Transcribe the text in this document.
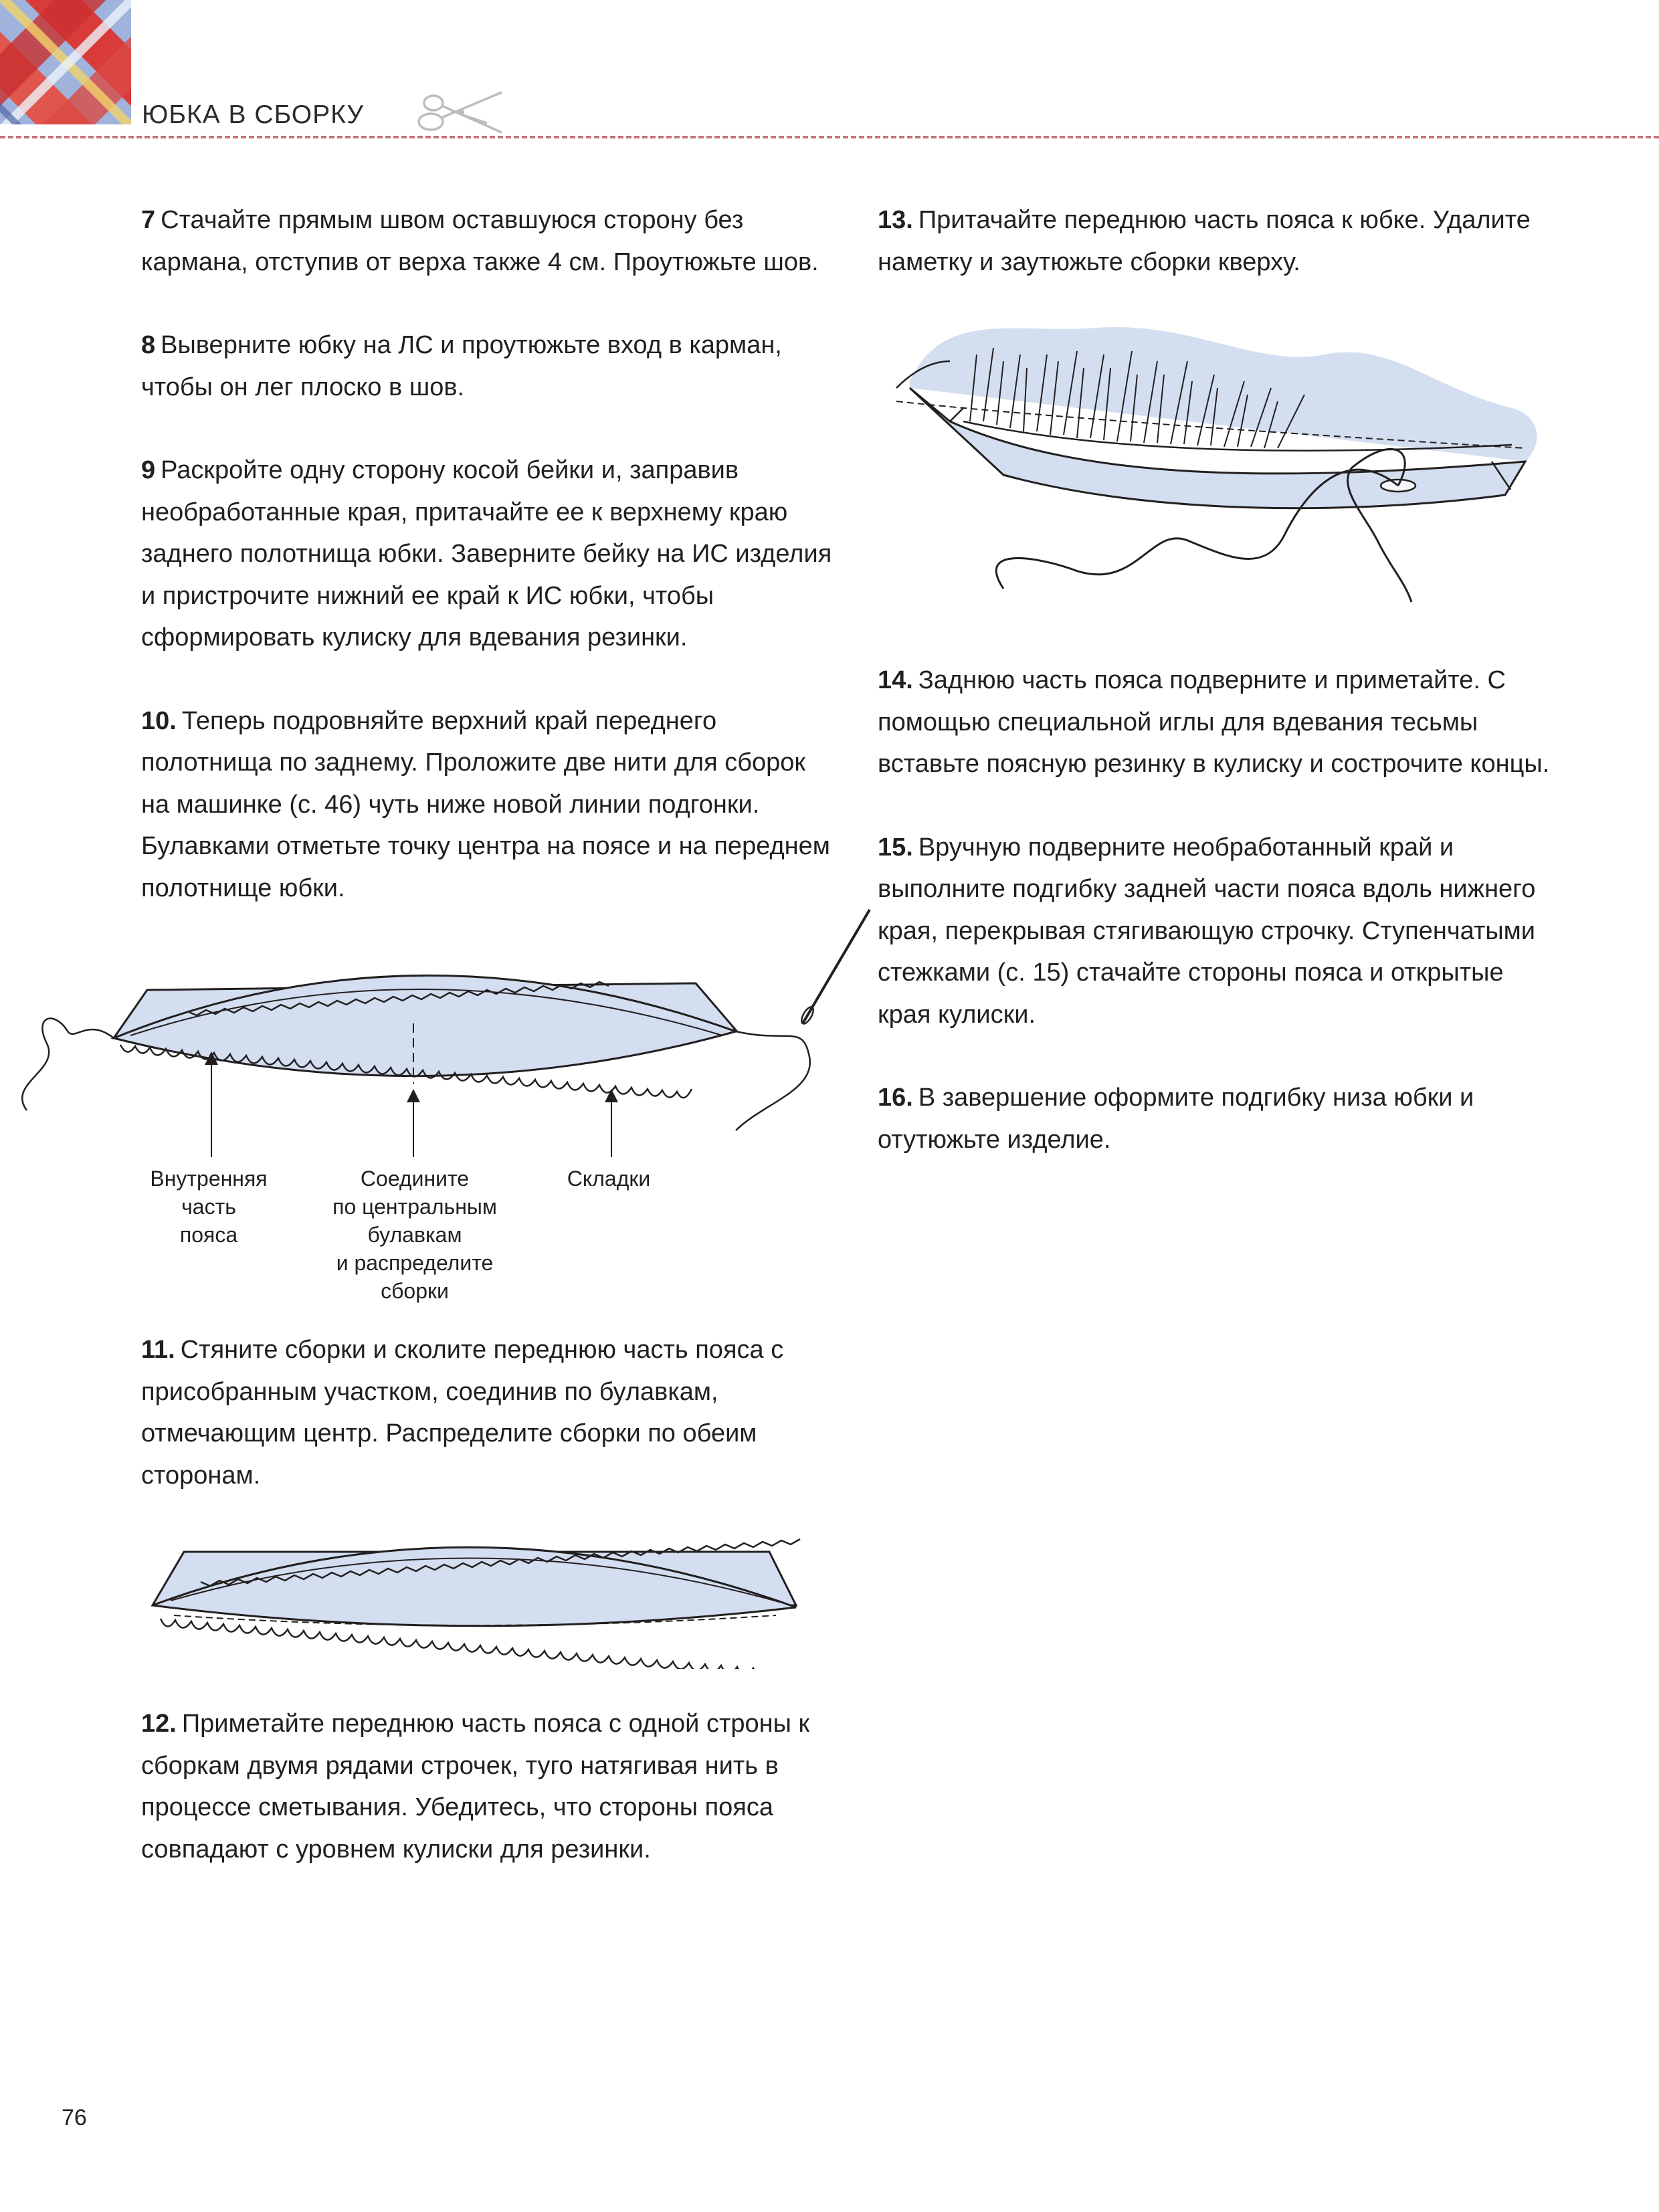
ЮБКА В СБОРКУ

7 Стачайте прямым швом оставшуюся сторону без кармана, отступив от верха также 4 см. Проутюжьте шов.

8 Выверните юбку на ЛС и проутюжьте вход в карман, чтобы он лег плоско в шов.

9 Раскройте одну сторону косой бейки и, заправив необработанные края, притачайте ее к верхнему краю заднего полотнища юбки. Заверните бейку на ИС изделия и пристрочите нижний ее край к ИС юбки, чтобы сформировать кулиску для вдевания резинки.

10. Теперь подровняйте верхний край переднего полотнища по заднему. Проложите две нити для сборок на машинке (с. 46) чуть ниже новой линии подгонки. Булавками отметьте точку центра на поясе и на переднем полотнище юбки.

Внутренняя
часть
пояса
Соедините
по центральным
булавкам
и распределите
сборки
Складки

11. Стяните сборки и сколите переднюю часть пояса с присобранным участком, соединив по булавкам, отмечающим центр. Распределите сборки по обеим сторонам.

12. Приметайте переднюю часть пояса с одной строны к сборкам двумя рядами строчек, туго натягивая нить в процессе сметывания. Убедитесь, что стороны пояса совпадают с уровнем кулиски для резинки.

13. Притачайте переднюю часть пояса к юбке. Удалите наметку и заутюжьте сборки кверху.

14. Заднюю часть пояса подверните и приметайте. С помощью специальной иглы для вдевания тесьмы вставьте поясную резинку в кулиску и сострочите концы.

15. Вручную подверните необработанный край и выполните подгибку задней части пояса вдоль нижнего края, перекрывая стягивающую строчку. Ступенчатыми стежками (с. 15) стачайте стороны пояса и открытые края кулиски.

16. В завершение оформите подгибку низа юбки и отутюжьте изделие.

76
